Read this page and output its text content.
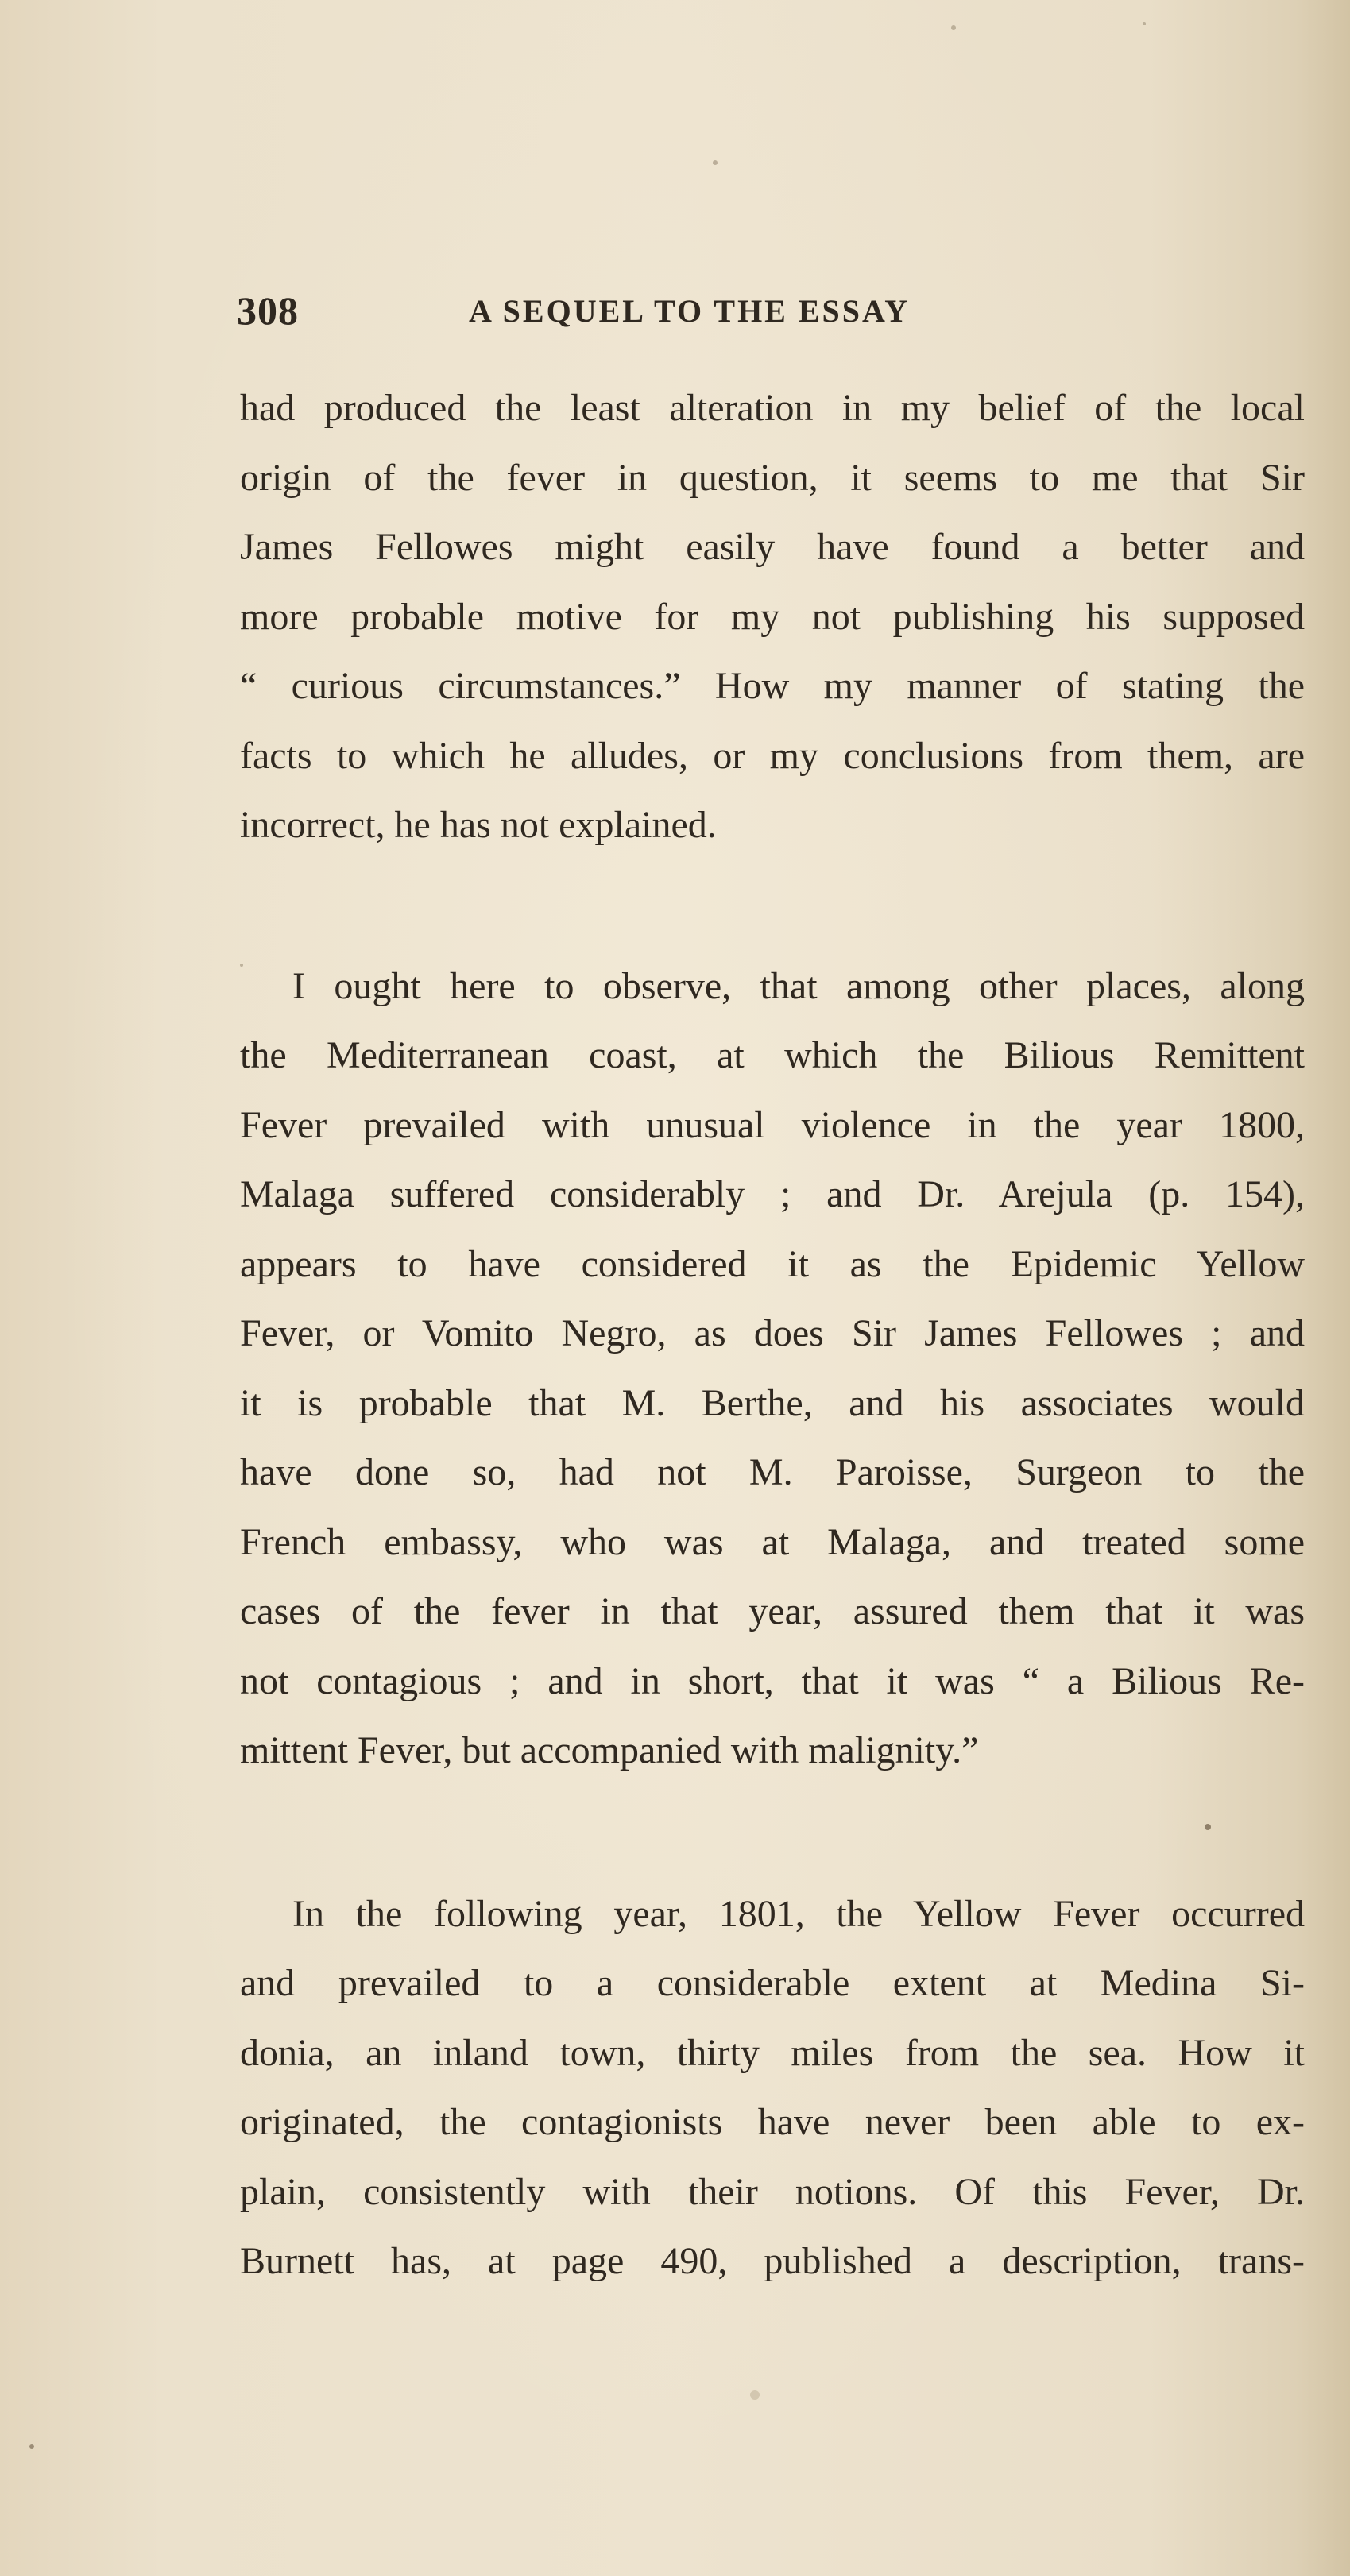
308	A SEQUEL TO THE ESSAY
had produced the least alteration in my belief of the local
origin of the fever in question, it seems to me that Sir
James Fellowes might easily have found a better and
more probable motive for my not publishing his supposed
“ curious circumstances.” How my manner of stating the
facts to which he alludes, or my conclusions from them, are
incorrect, he has not explained.
I ought here to observe, that among other places, along
the Mediterranean coast, at which the Bilious Remittent
Fever prevailed with unusual violence in the year 1800,
Malaga suffered considerably ; and Dr. Arejula (p. 154),
appears to have considered it as the Epidemic Yellow
Fever, or Vomito Negro, as does Sir James Fellowes ; and
it is probable that M. Berthe, and his associates would
have done so, had not M. Paroisse, Surgeon to the
French embassy, who was at Malaga, and treated some
cases of the fever in that year, assured them that it was
not contagious ; and in short, that it was “ a Bilious Re-
mittent Fever, but accompanied with malignity.”
In the following year, 1801, the Yellow Fever occurred
and prevailed to a considerable extent at Medina Si-
donia, an inland town, thirty miles from the sea. How it
originated, the contagionists have never been able to ex-
plain, consistently with their notions. Of this Fever, Dr.
Burnett has, at page 490, published a description, trans-
